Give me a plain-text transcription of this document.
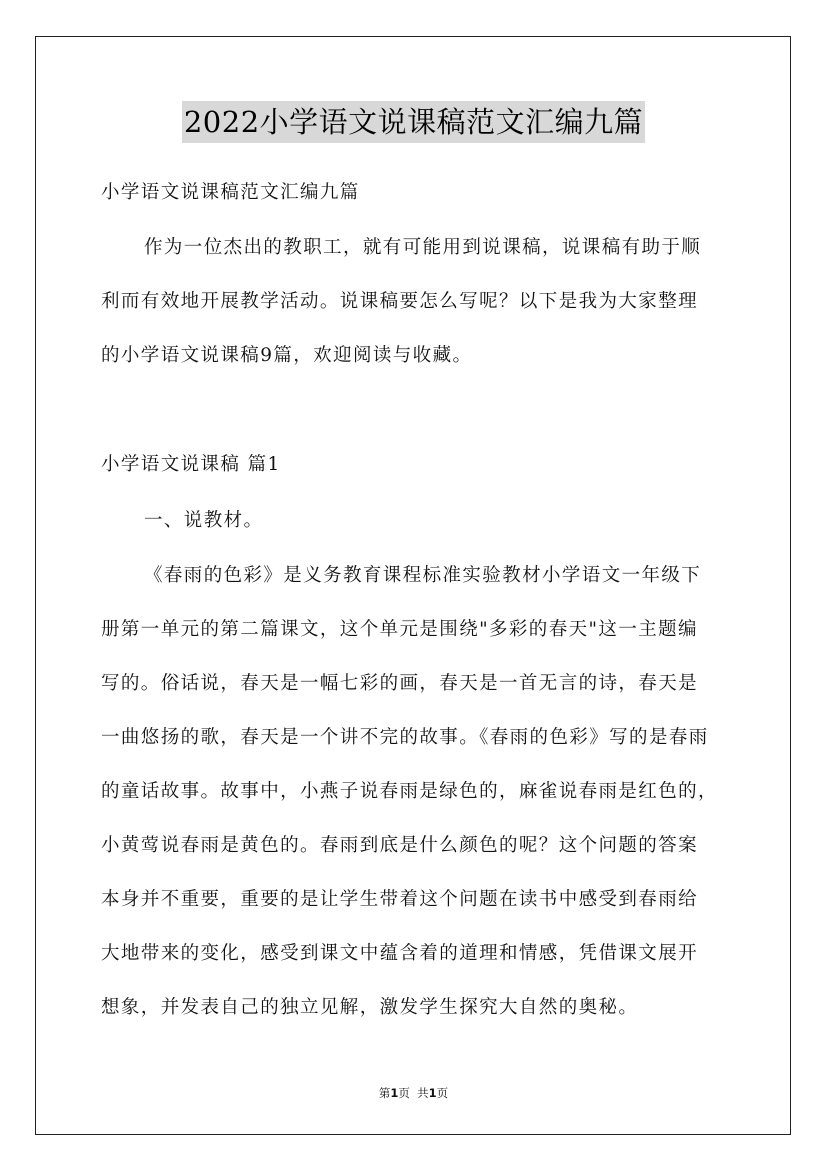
2022小学语文说课稿范文汇编九篇
小学语文说课稿范文汇编九篇
作为一位杰出的教职工，就有可能用到说课稿，说课稿有助于顺
利而有效地开展教学活动。说课稿要怎么写呢？以下是我为大家整理
的小学语文说课稿9篇，欢迎阅读与收藏。
小学语文说课稿 篇1
一、说教材。
《春雨的色彩》是义务教育课程标准实验教材小学语文一年级下
册第一单元的第二篇课文，这个单元是围绕"多彩的春天"这一主题编
写的。俗话说，春天是一幅七彩的画，春天是一首无言的诗，春天是
一曲悠扬的歌，春天是一个讲不完的故事。《春雨的色彩》写的是春雨
的童话故事。故事中，小燕子说春雨是绿色的，麻雀说春雨是红色的，
小黄莺说春雨是黄色的。春雨到底是什么颜色的呢？这个问题的答案
本身并不重要，重要的是让学生带着这个问题在读书中感受到春雨给
大地带来的变化，感受到课文中蕴含着的道理和情感，凭借课文展开
想象，并发表自己的独立见解，激发学生探究大自然的奥秘。
第1页 共1页
